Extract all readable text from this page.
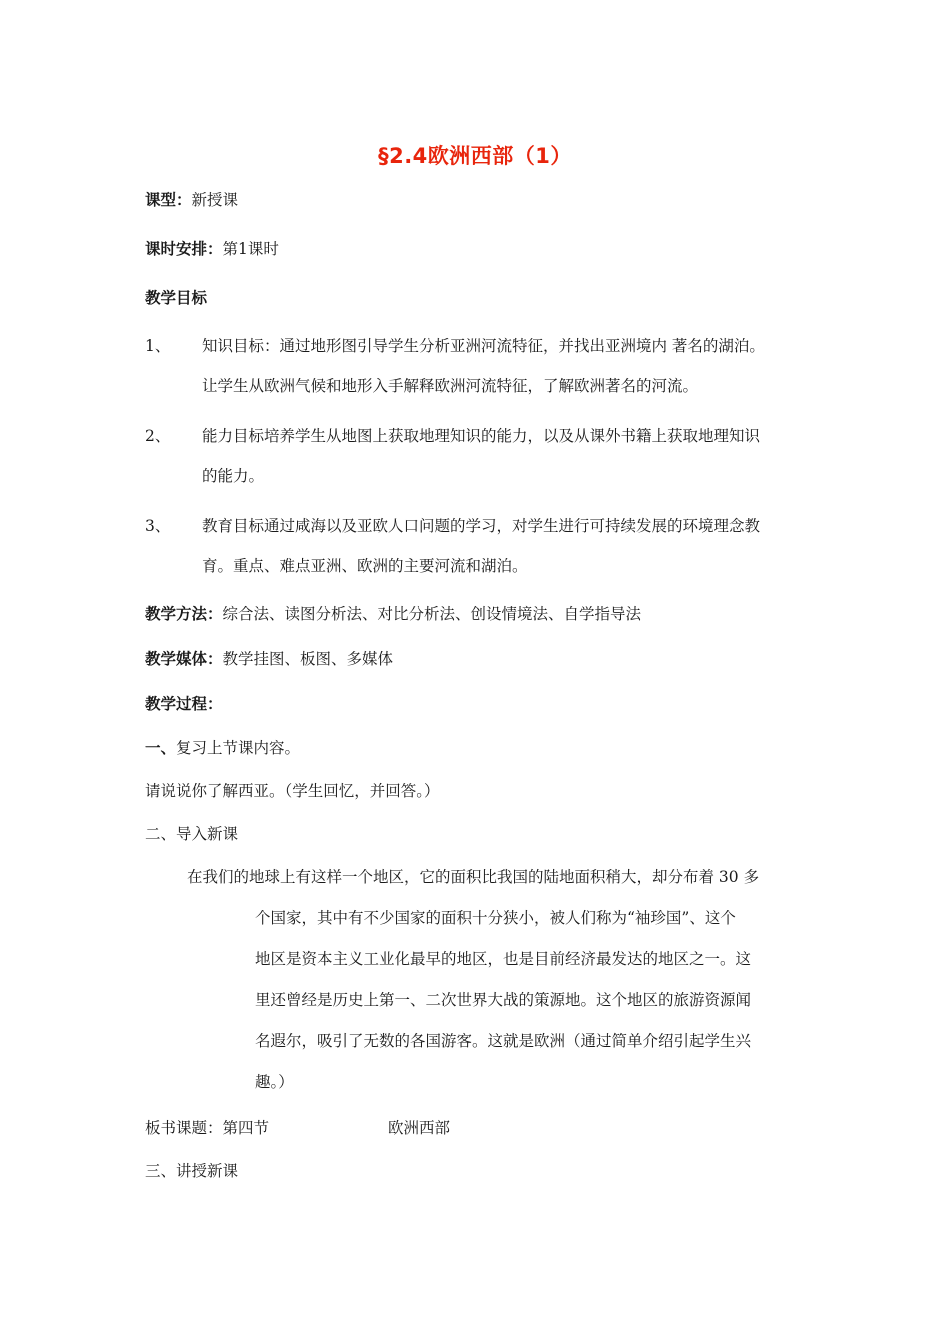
§2.4欧洲西部（1）
课型：新授课
课时安排：第1课时
教学目标
1、 知识目标：通过地形图引导学生分析亚洲河流特征，并找出亚洲境内 著名的湖泊。
让学生从欧洲气候和地形入手解释欧洲河流特征，了解欧洲著名的河流。
2、 能力目标培养学生从地图上获取地理知识的能力，以及从课外书籍上获取地理知识
的能力。
3、 教育目标通过咸海以及亚欧人口问题的学习，对学生进行可持续发展的环境理念教
育。重点、难点亚洲、欧洲的主要河流和湖泊。
教学方法：综合法、读图分析法、对比分析法、创设情境法、自学指导法
教学媒体：教学挂图、板图、多媒体
教学过程：
一、复习上节课内容。
请说说你了解西亚。（学生回忆，并回答。）
二、导入新课
在我们的地球上有这样一个地区，它的面积比我国的陆地面积稍大，却分布着 30 多
个国家，其中有不少国家的面积十分狭小，被人们称为“袖珍国”、这个
地区是资本主义工业化最早的地区，也是目前经济最发达的地区之一。这
里还曾经是历史上第一、二次世界大战的策源地。这个地区的旅游资源闻
名遐尔，吸引了无数的各国游客。这就是欧洲（通过简单介绍引起学生兴
趣。）
板书课题：第四节	欧洲西部
三、讲授新课
